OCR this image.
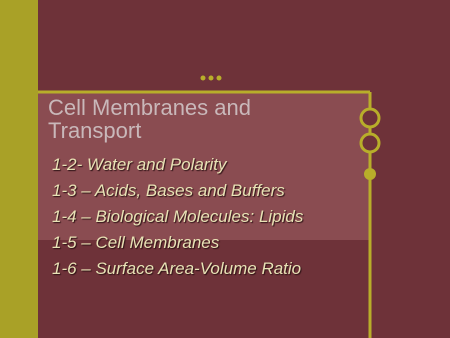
Cell Membranes and Transport
1-2- Water and Polarity
1-3 – Acids, Bases and Buffers
1-4 – Biological Molecules: Lipids
1-5 – Cell Membranes
1-6 – Surface Area-Volume Ratio
